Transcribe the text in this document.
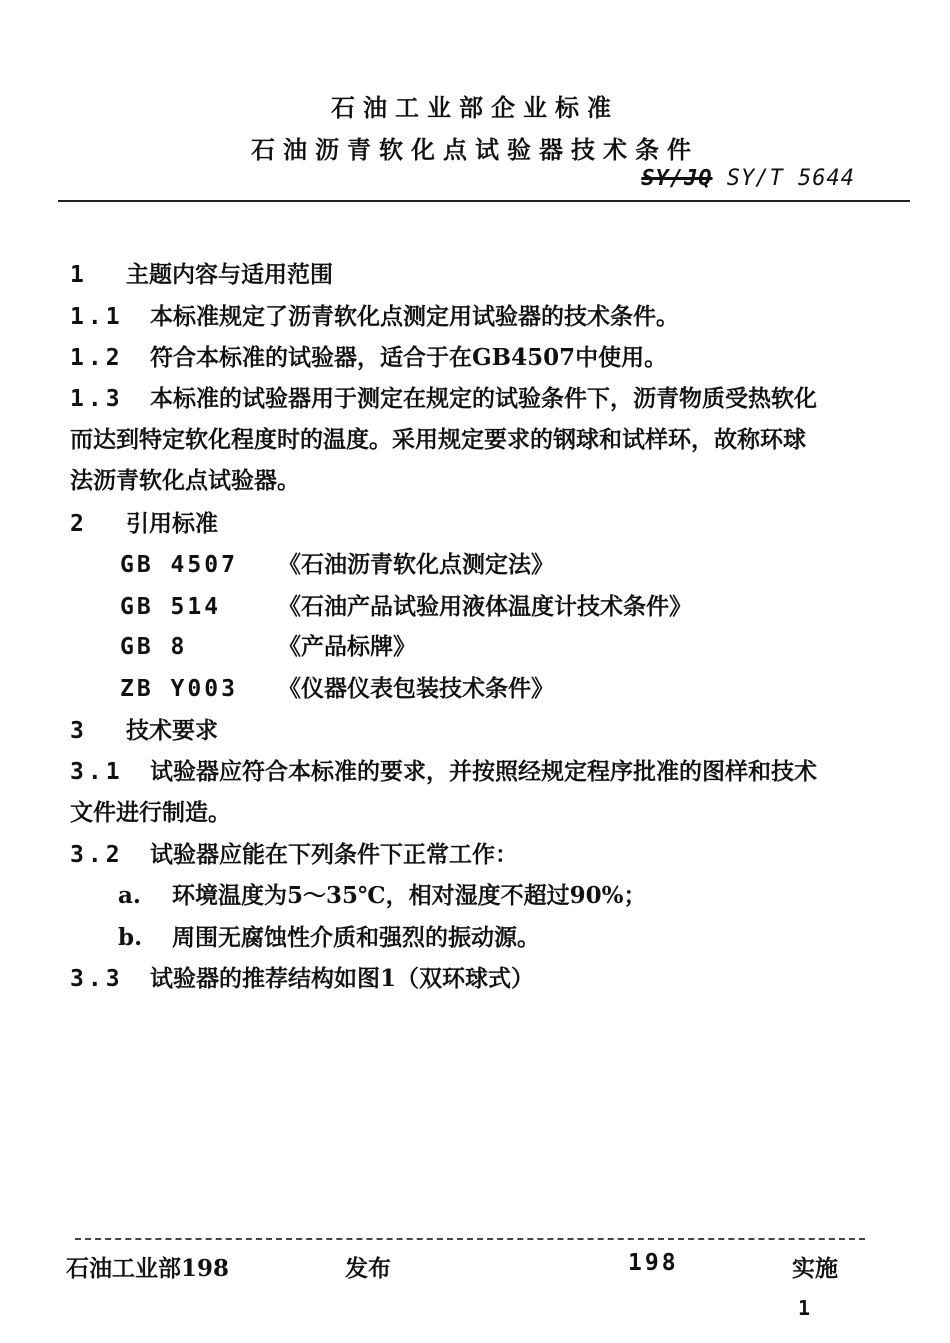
石油工业部企业标准
石油沥青软化点试验器技术条件
SY/JQ SY/T 5644
1 主题内容与适用范围
1.1 本标准规定了沥青软化点测定用试验器的技术条件。
1.2 符合本标准的试验器，适合于在GB4507中使用。
1.3 本标准的试验器用于测定在规定的试验条件下，沥青物质受热软化
而达到特定软化程度时的温度。采用规定要求的钢球和试样环，故称环球
法沥青软化点试验器。
2 引用标准
GB 4507 《石油沥青软化点测定法》
GB 514 《石油产品试验用液体温度计技术条件》
GB 8	《产品标牌》
ZB Y003 《仪器仪表包装技术条件》
3 技术要求
3.1 试验器应符合本标准的要求，并按照经规定程序批准的图样和技术
文件进行制造。
3.2 试验器应能在下列条件下正常工作：
a. 环境温度为5～35℃，相对湿度不超过90%；
b. 周围无腐蚀性介质和强烈的振动源。
3.3 试验器的推荐结构如图1（双环球式）
石油工业部198	发布	198	实施
1
